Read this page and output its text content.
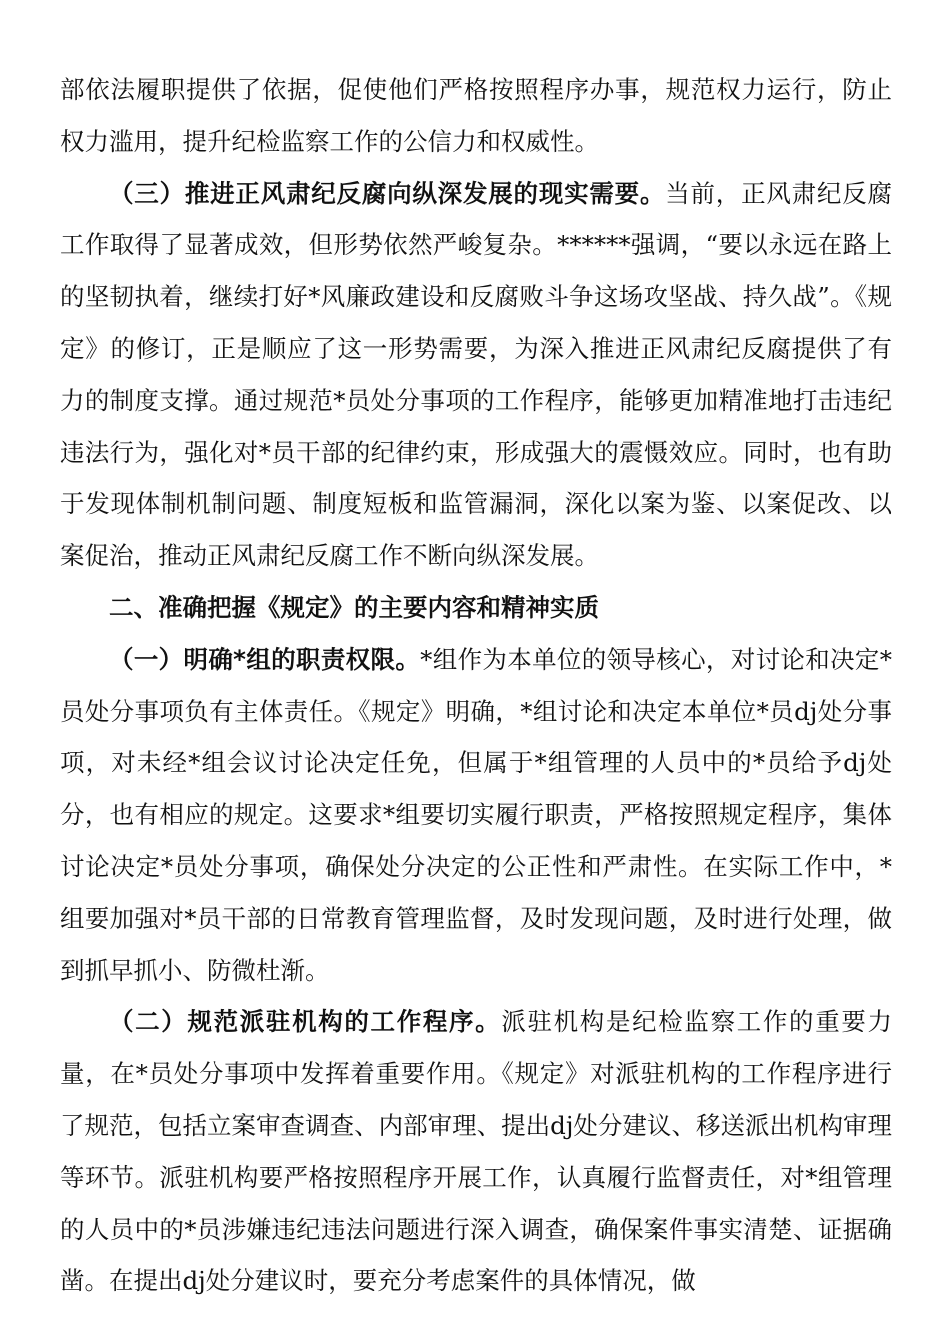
部依法履职提供了依据，促使他们严格按照程序办事，规范权力运行，防止权力滥用，提升纪检监察工作的公信力和权威性。

（三）推进正风肃纪反腐向纵深发展的现实需要。当前，正风肃纪反腐工作取得了显著成效，但形势依然严峻复杂。******强调，“要以永远在路上的坚韧执着，继续打好*风廉政建设和反腐败斗争这场攻坚战、持久战”。《规定》的修订，正是顺应了这一形势需要，为深入推进正风肃纪反腐提供了有力的制度支撑。通过规范*员处分事项的工作程序，能够更加精准地打击违纪违法行为，强化对*员干部的纪律约束，形成强大的震慑效应。同时，也有助于发现体制机制问题、制度短板和监管漏洞，深化以案为鉴、以案促改、以案促治，推动正风肃纪反腐工作不断向纵深发展。

二、准确把握《规定》的主要内容和精神实质

（一）明确*组的职责权限。*组作为本单位的领导核心，对讨论和决定*员处分事项负有主体责任。《规定》明确，*组讨论和决定本单位*员dj处分事项，对未经*组会议讨论决定任免，但属于*组管理的人员中的*员给予dj处分，也有相应的规定。这要求*组要切实履行职责，严格按照规定程序，集体讨论决定*员处分事项，确保处分决定的公正性和严肃性。在实际工作中，*组要加强对*员干部的日常教育管理监督，及时发现问题，及时进行处理，做到抓早抓小、防微杜渐。

（二）规范派驻机构的工作程序。派驻机构是纪检监察工作的重要力量，在*员处分事项中发挥着重要作用。《规定》对派驻机构的工作程序进行了规范，包括立案审查调查、内部审理、提出dj处分建议、移送派出机构审理等环节。派驻机构要严格按照程序开展工作，认真履行监督责任，对*组管理的人员中的*员涉嫌违纪违法问题进行深入调查，确保案件事实清楚、证据确凿。在提出dj处分建议时，要充分考虑案件的具体情况，做
